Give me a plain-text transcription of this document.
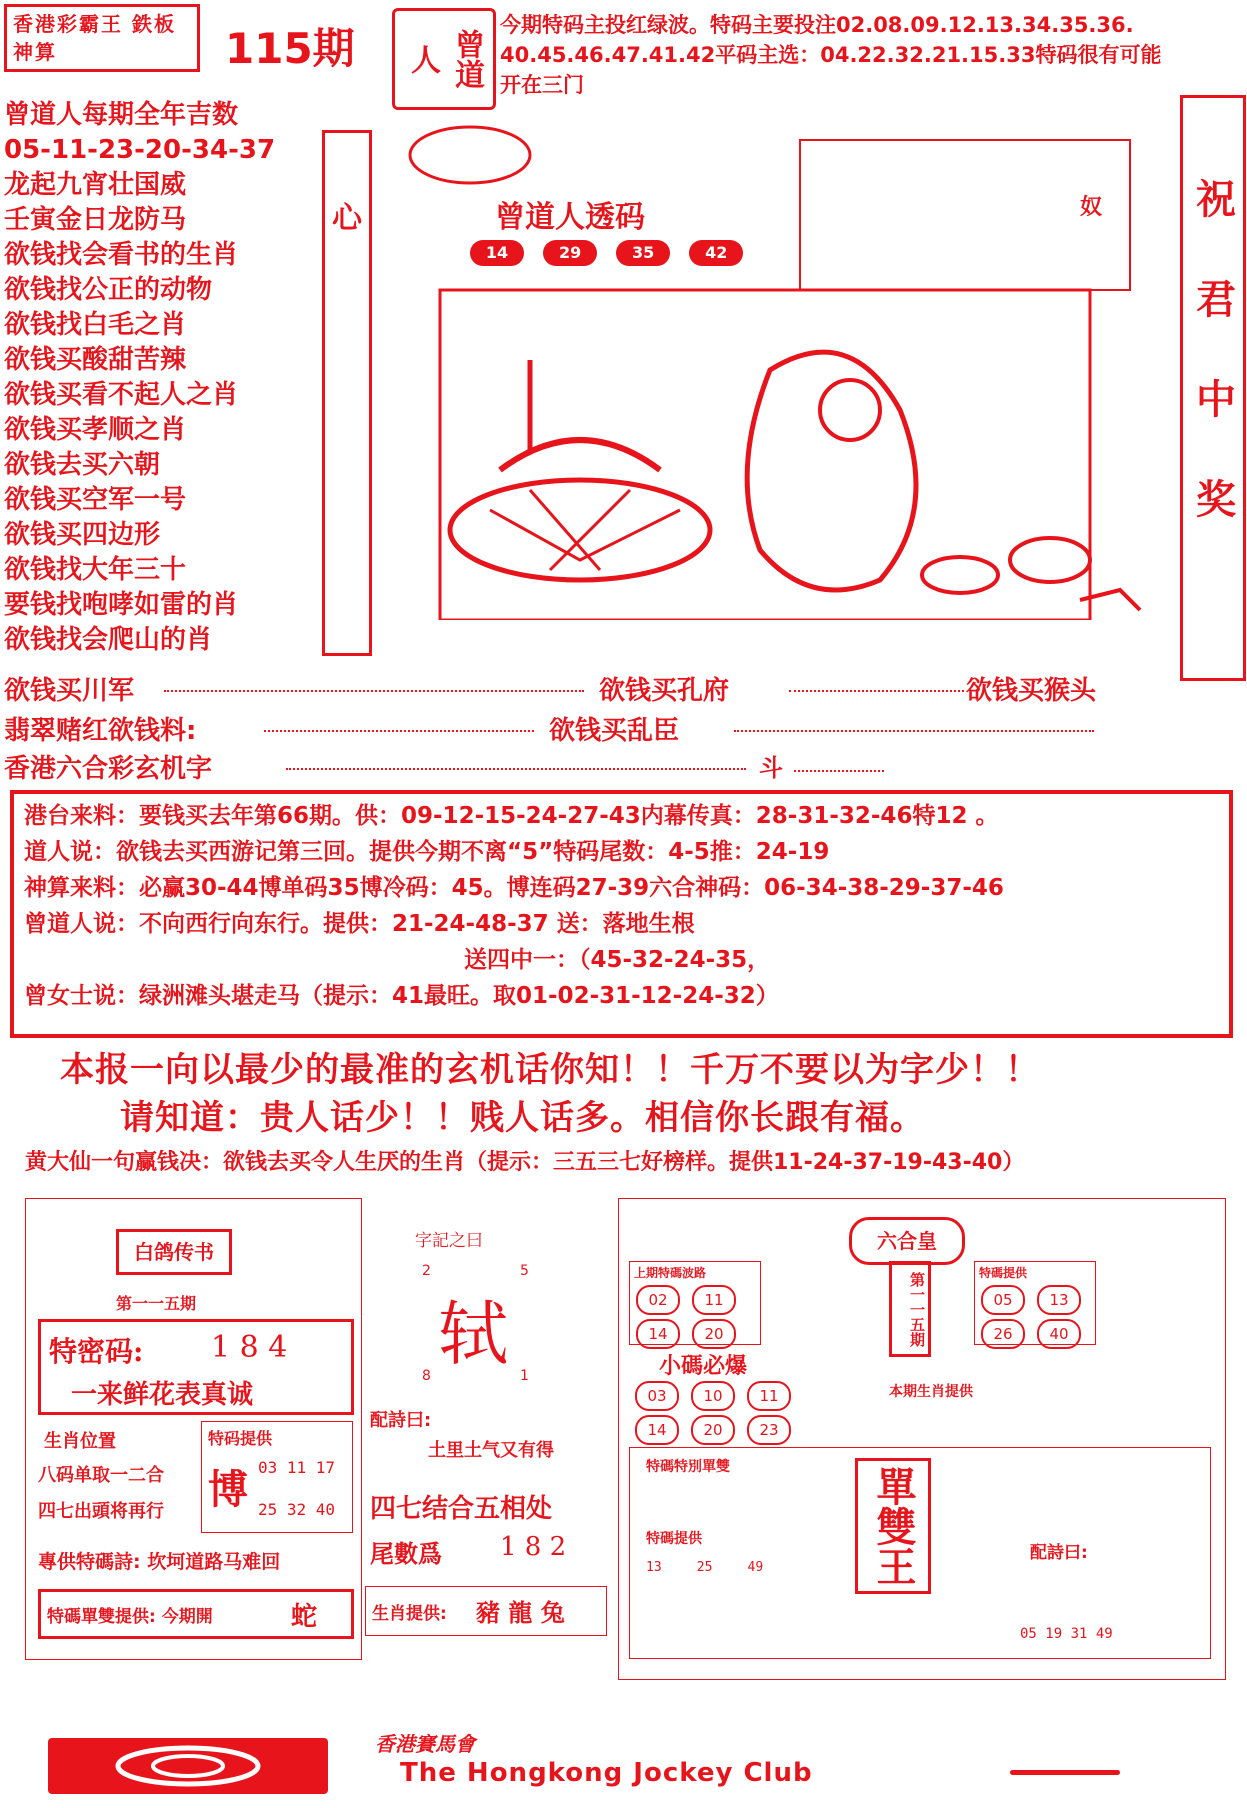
香港彩霸王 鉄板神算	115期	曾道人
今期特码主投红绿波。特码主要投注02.08.09.12.13.34.35.36.
40.45.46.47.41.42平码主选：04.22.32.21.15.33特码很有可能
开在三门
曾道人每期全年吉数
05-11-23-20-34-37
龙起九宵壮国威
壬寅金日龙防马
欲钱找会看书的生肖
欲钱找公正的动物
欲钱找白毛之肖
欲钱买酸甜苦辣
欲钱买看不起人之肖
欲钱买孝顺之肖
欲钱去买六朝
欲钱买空军一号
欲钱买四边形
欲钱找大年三十
要钱找咆哮如雷的肖
欲钱找会爬山的肖
心	曾道人透码
14	29	35	42
奴 祝君中奖
欲钱买川军	欲钱买孔府	欲钱买猴头
翡翠赌红欲钱料:	欲钱买乱臣
香港六合彩玄机字	斗
港台来料：要钱买去年第66期。供：09-12-15-24-27-43内幕传真：28-31-32-46特12 。
道人说：欲钱去买西游记第三回。提供今期不离“5”特码尾数：4-5推：24-19
神算来料：必赢30-44博单码35博冷码：45。博连码27-39六合神码：06-34-38-29-37-46
曾道人说：不向西行向东行。提供：21-24-48-37 送：落地生根
送四中一：（45-32-24-35，
曾女士说：绿洲滩头堪走马（提示：41最旺。取01-02-31-12-24-32）
本报一向以最少的最准的玄机话你知！！千万不要以为字少！！
请知道：贵人话少！！贱人话多。相信你长跟有福。
黄大仙一句赢钱决：欲钱去买令人生厌的生肖（提示：三五三七好榜样。提供11-24-37-19-43-40）
白鸽传书
第一一五期
特密码: 1 8 4
一来鲜花表真诚
生肖位置
八码单取一二合
四七出頭将再行
特码提供
博 03 11 17
25 32 40
專供特碼詩: 坎坷道路马难回
特碼單雙提供: 今期開	蛇
字記之曰
2	5
轼
8	1
配詩曰:
土里土气又有得
四七结合五相处
尾數爲 1 8 2
生肖提供: 豬 龍 兔
六合皇
上期特碼波路
02 11
14 20	第一一五期	特碼提供
05 13
26 40
小碼必爆
03 10 11
14 20 23
本期生肖提供
特碼特別單雙
特碼提供
13	25	49	單雙王	配詩曰:
05 19 31 49
香港賽馬會
The Hongkong Jockey Club
